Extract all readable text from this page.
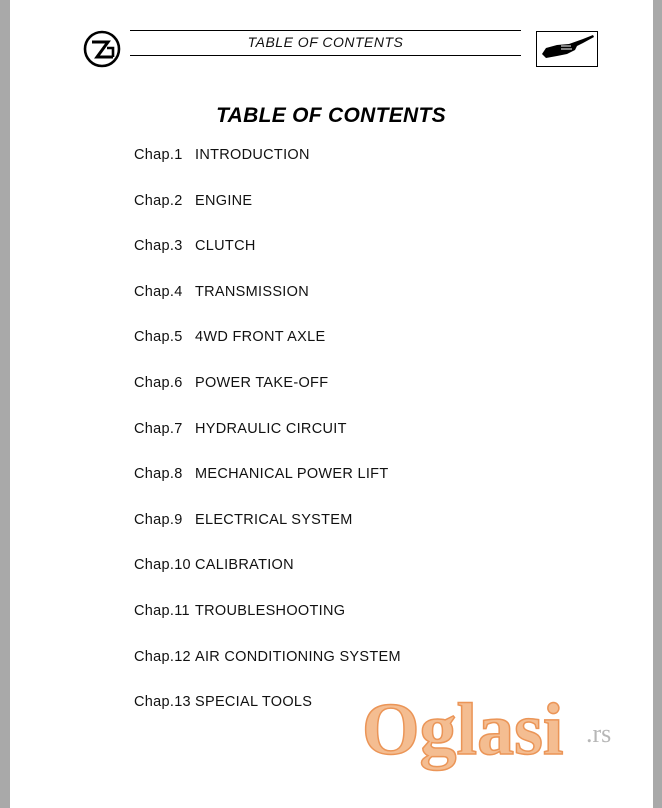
TABLE OF CONTENTS
TABLE OF CONTENTS
Chap.1 INTRODUCTION
Chap.2 ENGINE
Chap.3 CLUTCH
Chap.4 TRANSMISSION
Chap.5 4WD FRONT AXLE
Chap.6 POWER TAKE-OFF
Chap.7 HYDRAULIC CIRCUIT
Chap.8 MECHANICAL POWER LIFT
Chap.9 ELECTRICAL SYSTEM
Chap.10 CALIBRATION
Chap.11 TROUBLESHOOTING
Chap.12 AIR CONDITIONING SYSTEM
Chap.13 SPECIAL TOOLS Oglasi .rs
